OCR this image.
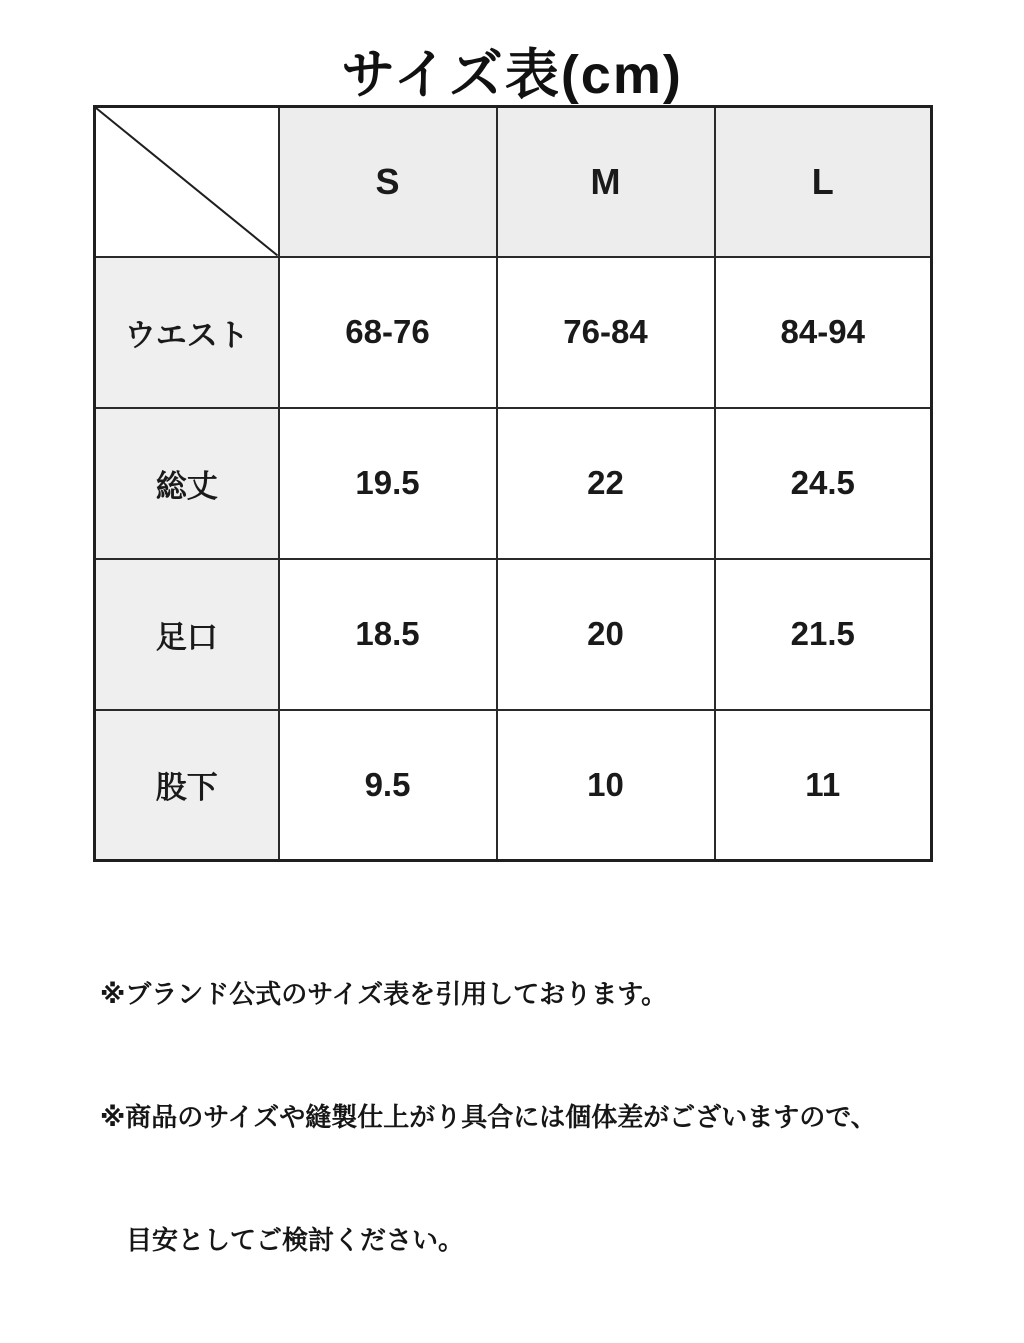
サイズ表(cm)
	S	M	L
ウエスト	68-76	76-84	84-94
総丈	19.5	22	24.5
足口	18.5	20	21.5
股下	9.5	10	11

※ブランド公式のサイズ表を引用しております。

※商品のサイズや縫製仕上がり具合には個体差がございますので、

　目安としてご検討ください。
